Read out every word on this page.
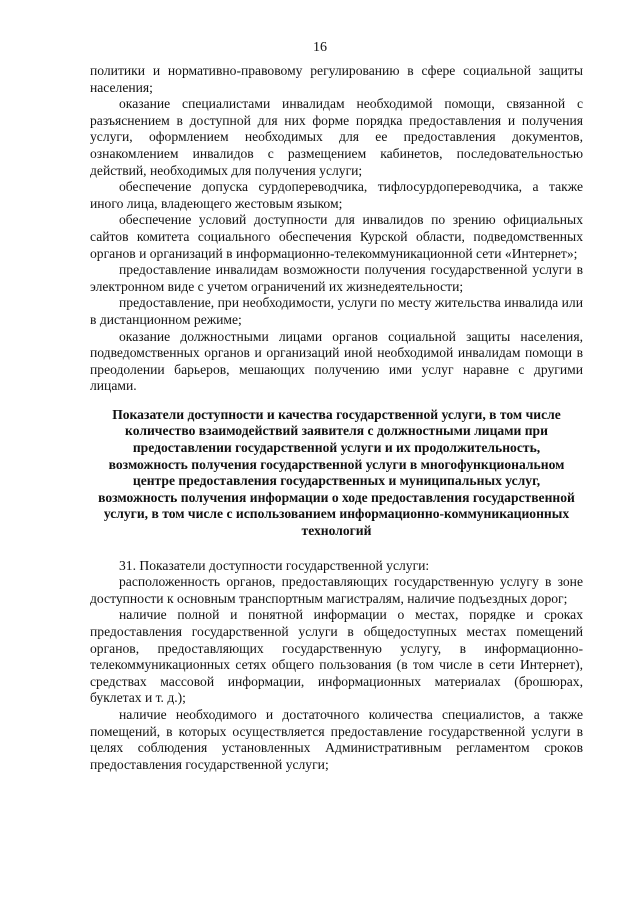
16

политики и нормативно-правовому регулированию в сфере социальной защиты населения;

оказание специалистами инвалидам необходимой помощи, связанной с разъяснением в доступной для них форме порядка предоставления и получения услуги, оформлением необходимых для ее предоставления документов, ознакомлением инвалидов с размещением кабинетов, последовательностью действий, необходимых для получения услуги;

обеспечение допуска сурдопереводчика, тифлосурдопереводчика, а также иного лица, владеющего жестовым языком;

обеспечение условий доступности для инвалидов по зрению официальных сайтов комитета социального обеспечения Курской области, подведомственных органов и организаций в информационно-телекоммуникационной сети «Интернет»;

предоставление инвалидам возможности получения государственной услуги в электронном виде с учетом ограничений их жизнедеятельности;

предоставление, при необходимости, услуги по месту жительства инвалида или в дистанционном режиме;

оказание должностными лицами органов социальной защиты населения, подведомственных органов и организаций иной необходимой инвалидам помощи в преодолении барьеров, мешающих получению ими услуг наравне с другими лицами.

Показатели доступности и качества государственной услуги, в том числе количество взаимодействий заявителя с должностными лицами при предоставлении государственной услуги и их продолжительность, возможность получения государственной услуги в многофункциональном центре предоставления государственных и муниципальных услуг, возможность получения информации о ходе предоставления государственной услуги, в том числе с использованием информационно-коммуникационных технологий

31. Показатели доступности государственной услуги:

расположенность органов, предоставляющих государственную услугу в зоне доступности к основным транспортным магистралям, наличие подъездных дорог;

наличие полной и понятной информации о местах, порядке и сроках предоставления государственной услуги в общедоступных местах помещений органов, предоставляющих государственную услугу, в информационно-телекоммуникационных сетях общего пользования (в том числе в сети Интернет), средствах массовой информации, информационных материалах (брошюрах, буклетах и т. д.);

наличие необходимого и достаточного количества специалистов, а также помещений, в которых осуществляется предоставление государственной услуги в целях соблюдения установленных Административным регламентом сроков предоставления государственной услуги;
